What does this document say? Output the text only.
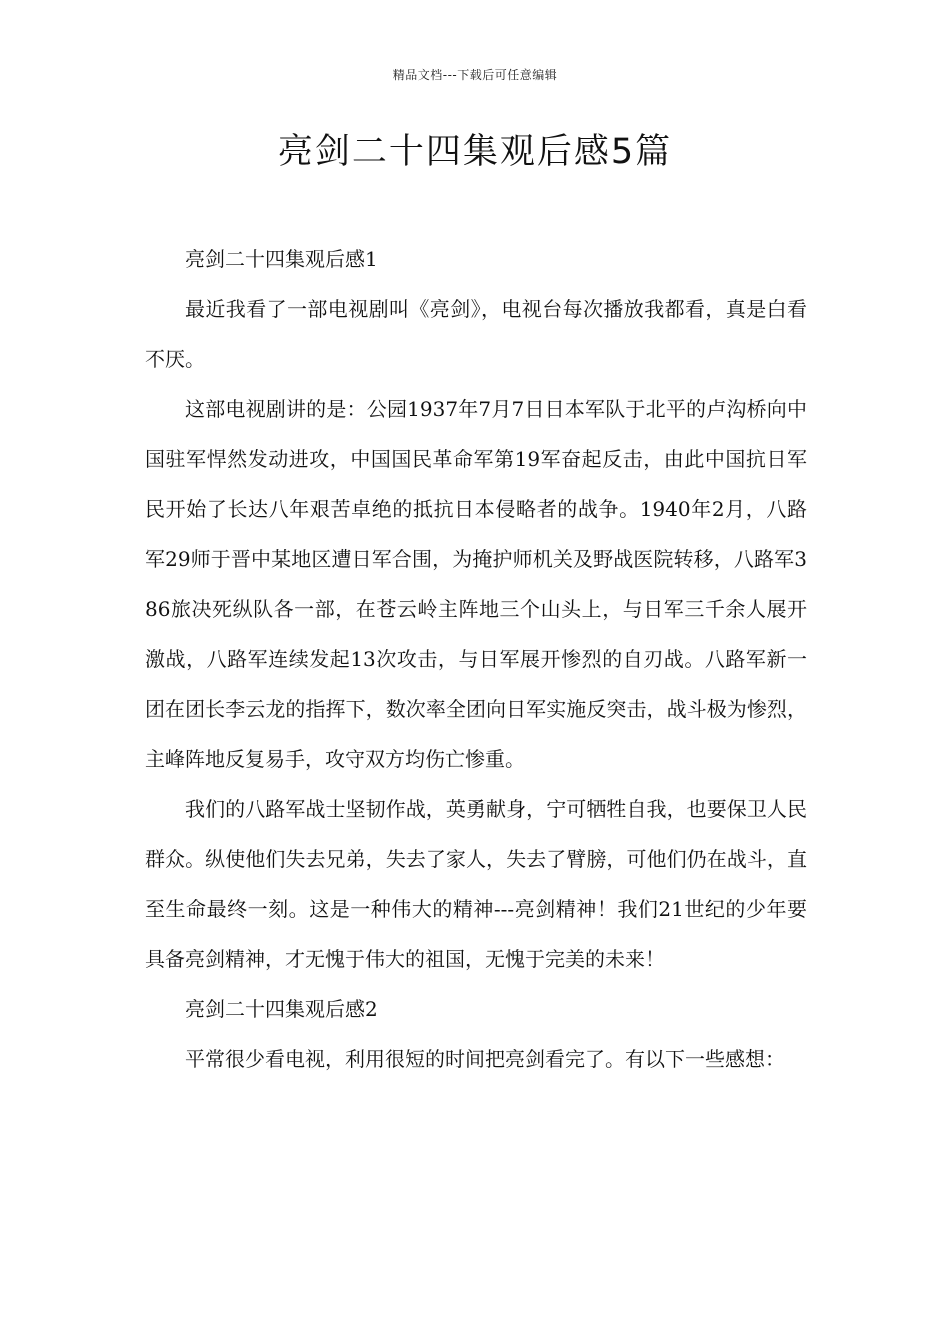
精品文档---下载后可任意编辑
亮剑二十四集观后感5篇
亮剑二十四集观后感1

最近我看了一部电视剧叫《亮剑》，电视台每次播放我都看，真是白看不厌。

这部电视剧讲的是：公园1937年7月7日日本军队于北平的卢沟桥向中国驻军悍然发动进攻，中国国民革命军第19军奋起反击，由此中国抗日军民开始了长达八年艰苦卓绝的抵抗日本侵略者的战争。1940年2月，八路军29师于晋中某地区遭日军合围，为掩护师机关及野战医院转移，八路军386旅决死纵队各一部，在苍云岭主阵地三个山头上，与日军三千余人展开激战，八路军连续发起13次攻击，与日军展开惨烈的自刃战。八路军新一团在团长李云龙的指挥下，数次率全团向日军实施反突击，战斗极为惨烈，主峰阵地反复易手，攻守双方均伤亡惨重。

我们的八路军战士坚韧作战，英勇献身，宁可牺牲自我，也要保卫人民群众。纵使他们失去兄弟，失去了家人，失去了臂膀，可他们仍在战斗，直至生命最终一刻。这是一种伟大的精神---亮剑精神！我们21世纪的少年要具备亮剑精神，才无愧于伟大的祖国，无愧于完美的未来！

亮剑二十四集观后感2

平常很少看电视，利用很短的时间把亮剑看完了。有以下一些感想：
